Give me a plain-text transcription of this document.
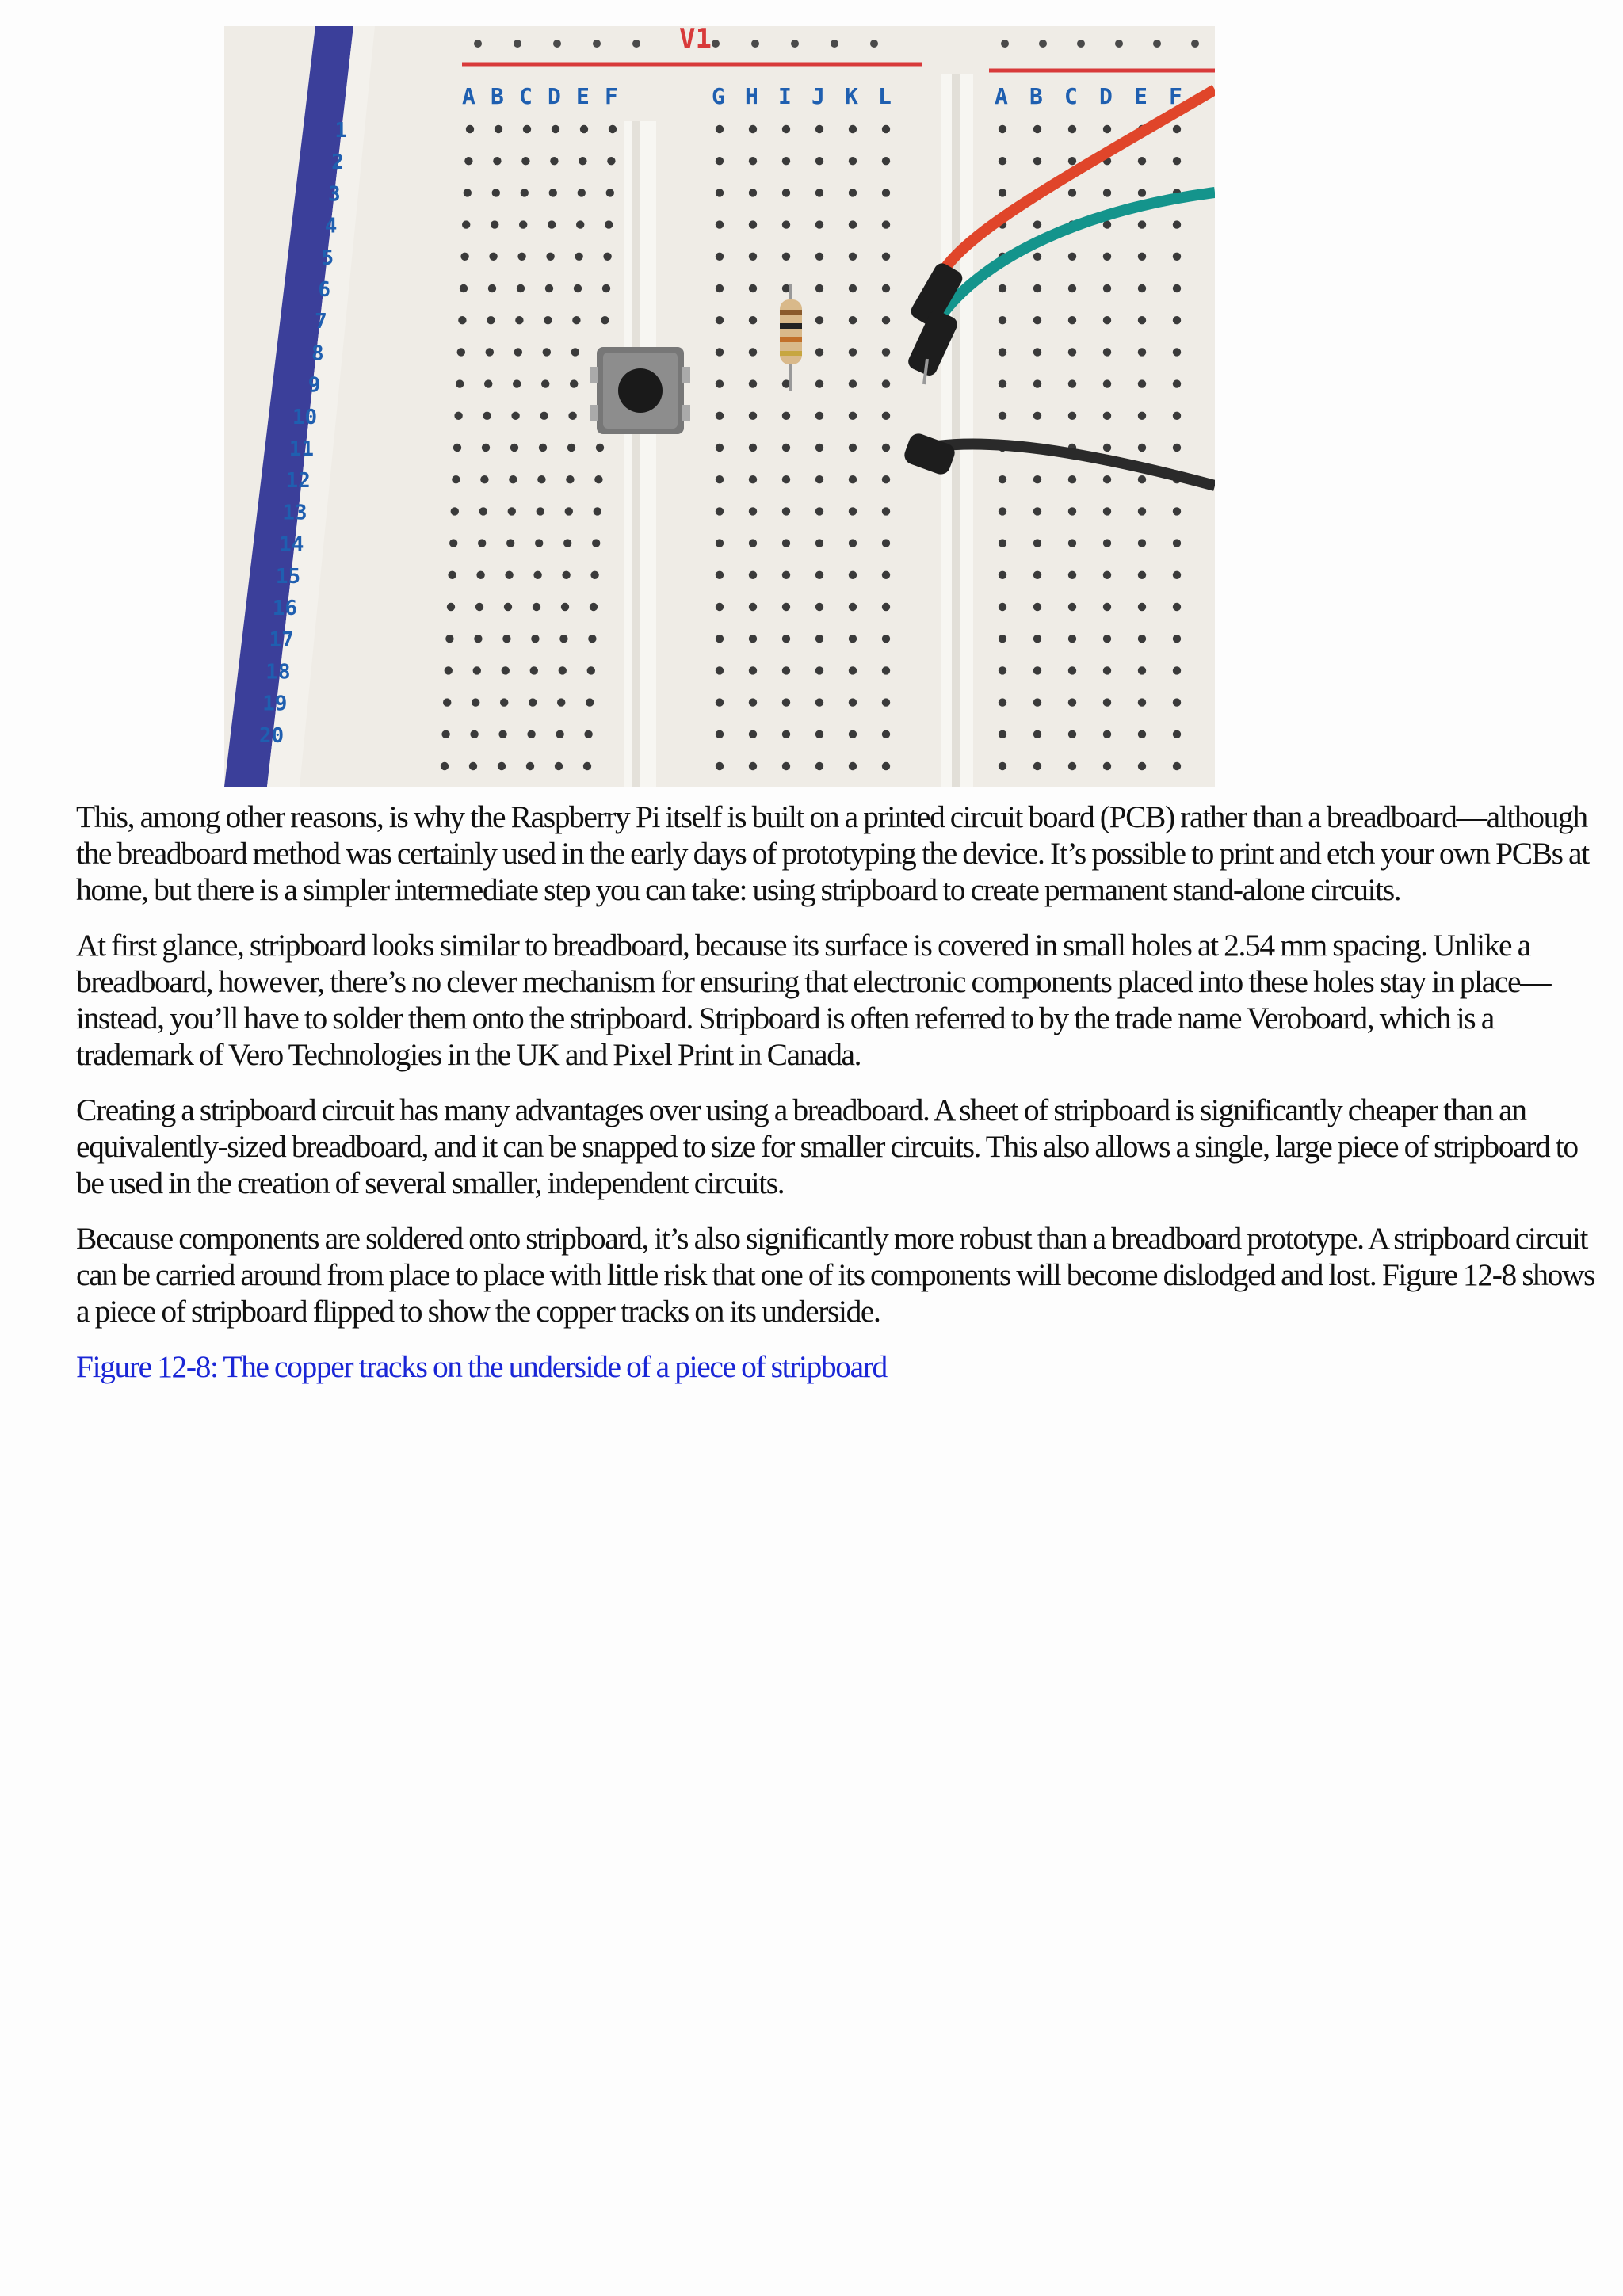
V1
A B C D E F	G H I J K L	A B C D E F
1
2
3
4
5
6
7
8
9
10
11
12
13
14
15
16
17
18
19
20

This, among other reasons, is why the Raspberry Pi itself is built on a printed circuit board (PCB) rather than a breadboard—although the breadboard method was certainly used in the early days of prototyping the device. It’s possible to print and etch your own PCBs at home, but there is a simpler intermediate step you can take: using stripboard to create permanent stand-alone circuits.

At first glance, stripboard looks similar to breadboard, because its surface is covered in small holes at 2.54 mm spacing. Unlike a breadboard, however, there’s no clever mechanism for ensuring that electronic components placed into these holes stay in place—instead, you’ll have to solder them onto the stripboard. Stripboard is often referred to by the trade name Veroboard, which is a trademark of Vero Technologies in the UK and Pixel Print in Canada.

Creating a stripboard circuit has many advantages over using a breadboard. A sheet of stripboard is significantly cheaper than an equivalently-sized breadboard, and it can be snapped to size for smaller circuits. This also allows a single, large piece of stripboard to be used in the creation of several smaller, independent circuits.

Because components are soldered onto stripboard, it’s also significantly more robust than a breadboard prototype. A stripboard circuit can be carried around from place to place with little risk that one of its components will become dislodged and lost. Figure 12-8 shows a piece of stripboard flipped to show the copper tracks on its underside.

Figure 12-8: The copper tracks on the underside of a piece of stripboard
